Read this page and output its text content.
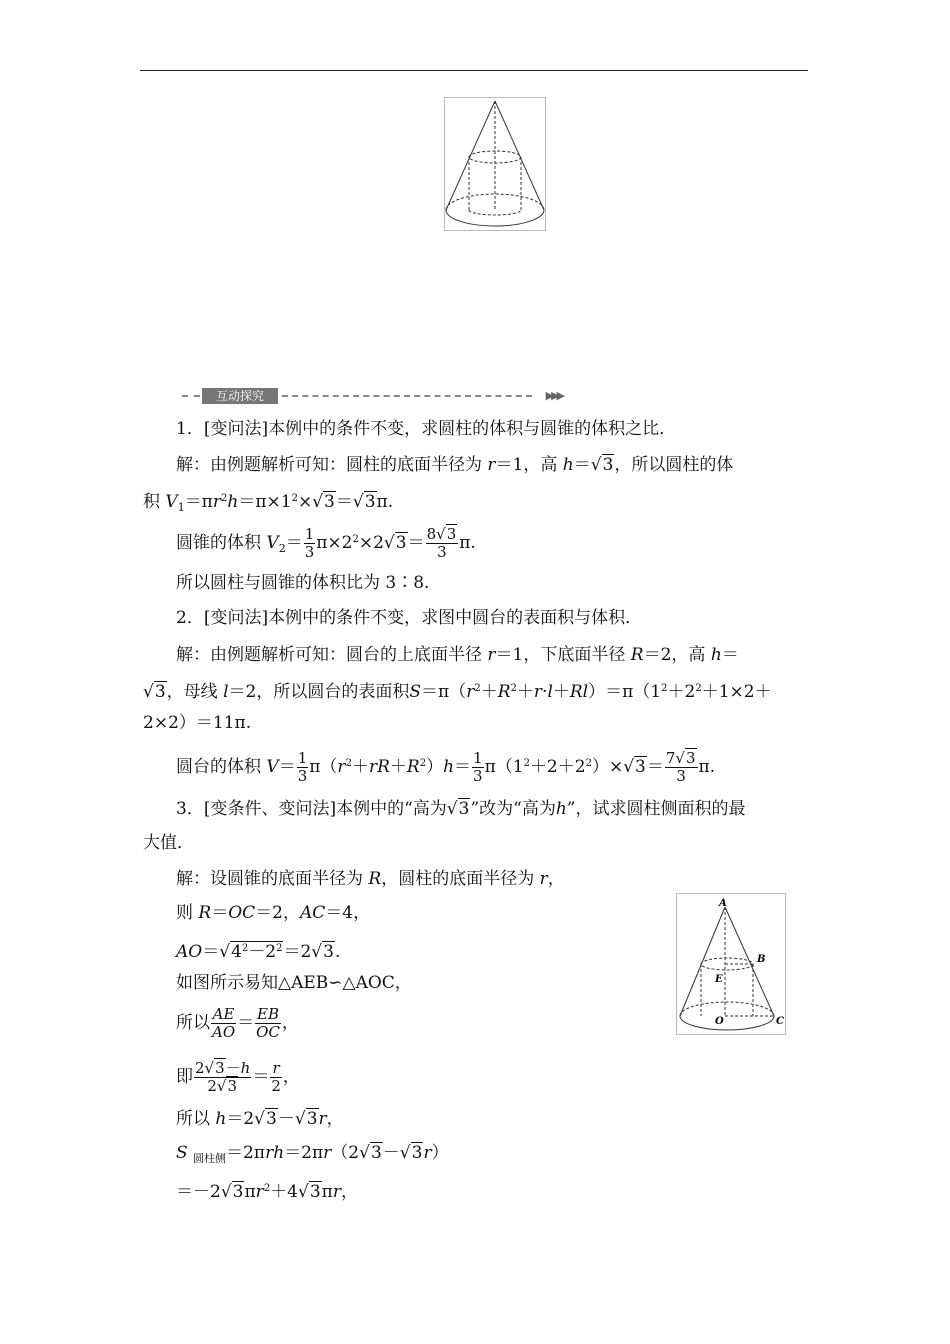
互动探究	▶▶▶
1．[变问法]本例中的条件不变，求圆柱的体积与圆锥的体积之比．
解：由例题解析可知：圆柱的底面半径为 r＝1，高 h＝√3，所以圆柱的体
积 $V_1=\pi r^2h=\pi\times 1^2\times√3=√3\pi$.
圆锥的体积 $V_2= \frac{1}{3} \pi\times 2^2\times 2√3= \frac{8√3}{3} \pi$.
所以圆柱与圆锥的体积比为 3∶8.
2．[变问法]本例中的条件不变，求图中圆台的表面积与体积．
解：由例题解析可知：圆台的上底面半径 r＝1，下底面半径 R＝2，高 h＝
√3，母线 l＝2，所以圆台的表面积$S=\pi(r^2+R^2+r\cdot l+Rl)=\pi(1^2+2^2+1\times 2+$
2×2）＝11π.
圆台的体积 $V= \frac{1}{3} \pi(r^2+rR+R^2)h= \frac{1}{3} \pi(1^2+2+2^2)\times√3= \frac{7√3}{3} \pi$.
3．[变条件、变问法]本例中的“高为√3”改为“高为h”，试求圆柱侧面积的最
大值．
解：设圆锥的底面半径为 R，圆柱的底面半径为 r，
则 R＝OC＝2，AC＝4，
$AO=√4^2-2^2=2√3$.
如图所示易知△AEB∽△AOC，
所以 $\frac{AE}{AO} = \frac{EB}{OC}$ ，
即 $\frac{2√3-h}{2√3} = \frac{r}{2}$ ，
所以 h＝2√3－√3r，
S $_{圆柱侧}$＝2πrh＝2πr（2√3－√3r）
$=-2√3\pi r^2+4√3\pi r$，
A
B
E
O	C
